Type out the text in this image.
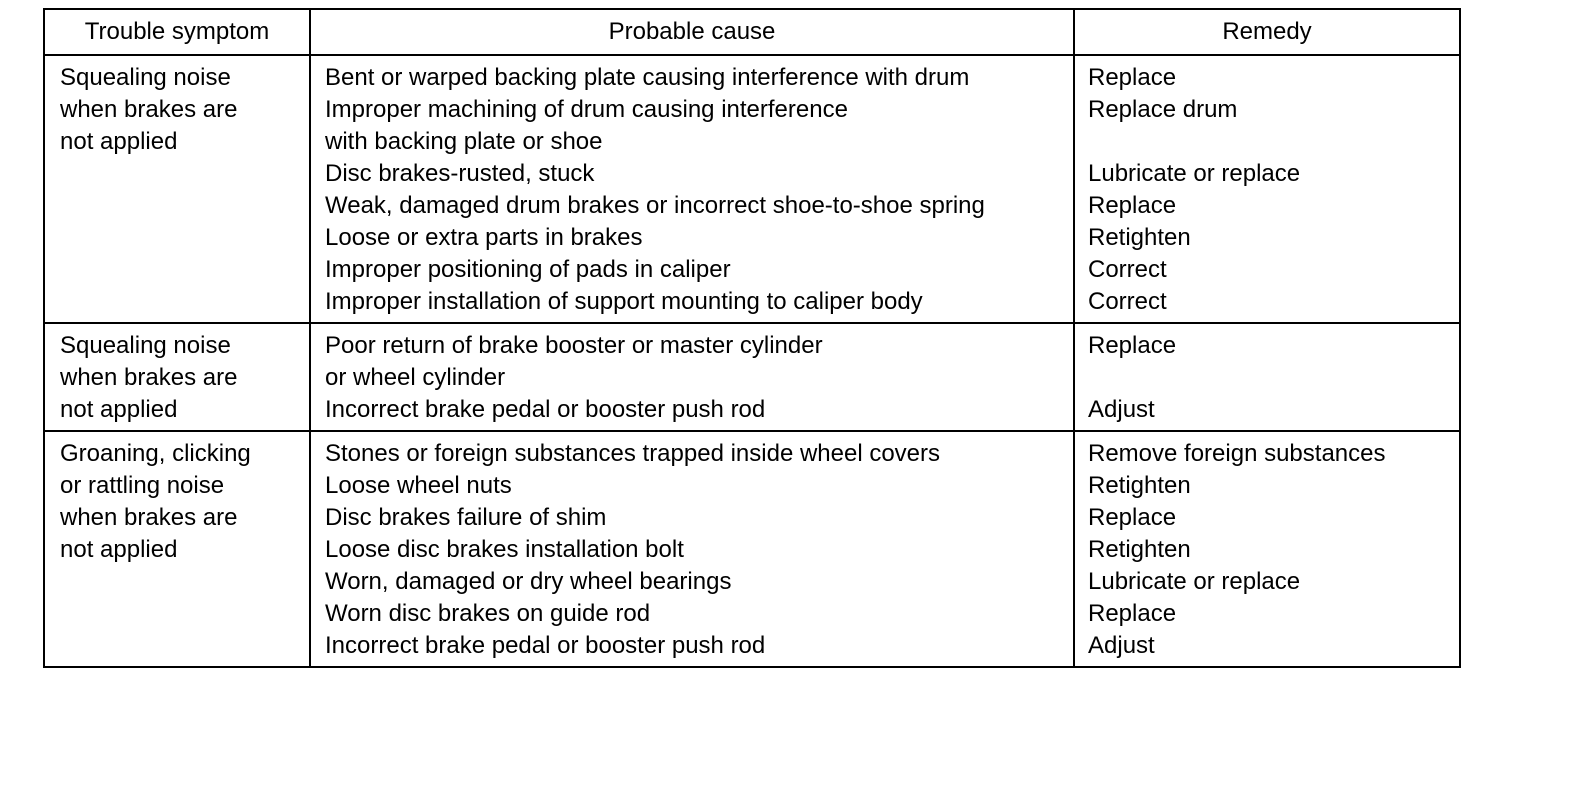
Trouble symptom	Probable cause	Remedy
Squealing noise
when brakes are
not applied
Bent or warped backing plate causing interference with drum
Improper machining of drum causing interference
with backing plate or shoe
Disc brakes-rusted, stuck
Weak, damaged drum brakes or incorrect shoe-to-shoe spring
Loose or extra parts in brakes
Improper positioning of pads in caliper
Improper installation of support mounting to caliper body
Replace
Replace drum
Lubricate or replace
Replace
Retighten
Correct
Correct
Squealing noise
when brakes are
not applied
Poor return of brake booster or master cylinder
or wheel cylinder
Incorrect brake pedal or booster push rod
Replace
Adjust
Groaning, clicking
or rattling noise
when brakes are
not applied
Stones or foreign substances trapped inside wheel covers
Loose wheel nuts
Disc brakes failure of shim
Loose disc brakes installation bolt
Worn, damaged or dry wheel bearings
Worn disc brakes on guide rod
Incorrect brake pedal or booster push rod
Remove foreign substances
Retighten
Replace
Retighten
Lubricate or replace
Replace
Adjust
